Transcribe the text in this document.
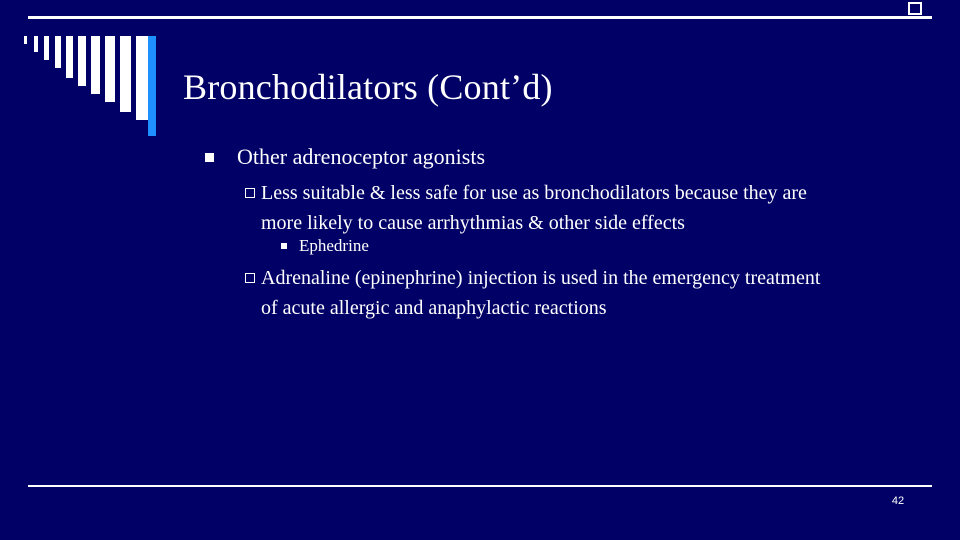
Bronchodilators (Cont’d)
Other adrenoceptor agonists
Less suitable & less safe for use as bronchodilators because they are
more likely to cause arrhythmias & other side effects
Ephedrine
Adrenaline (epinephrine) injection is used in the emergency treatment
of acute allergic and anaphylactic reactions
42
